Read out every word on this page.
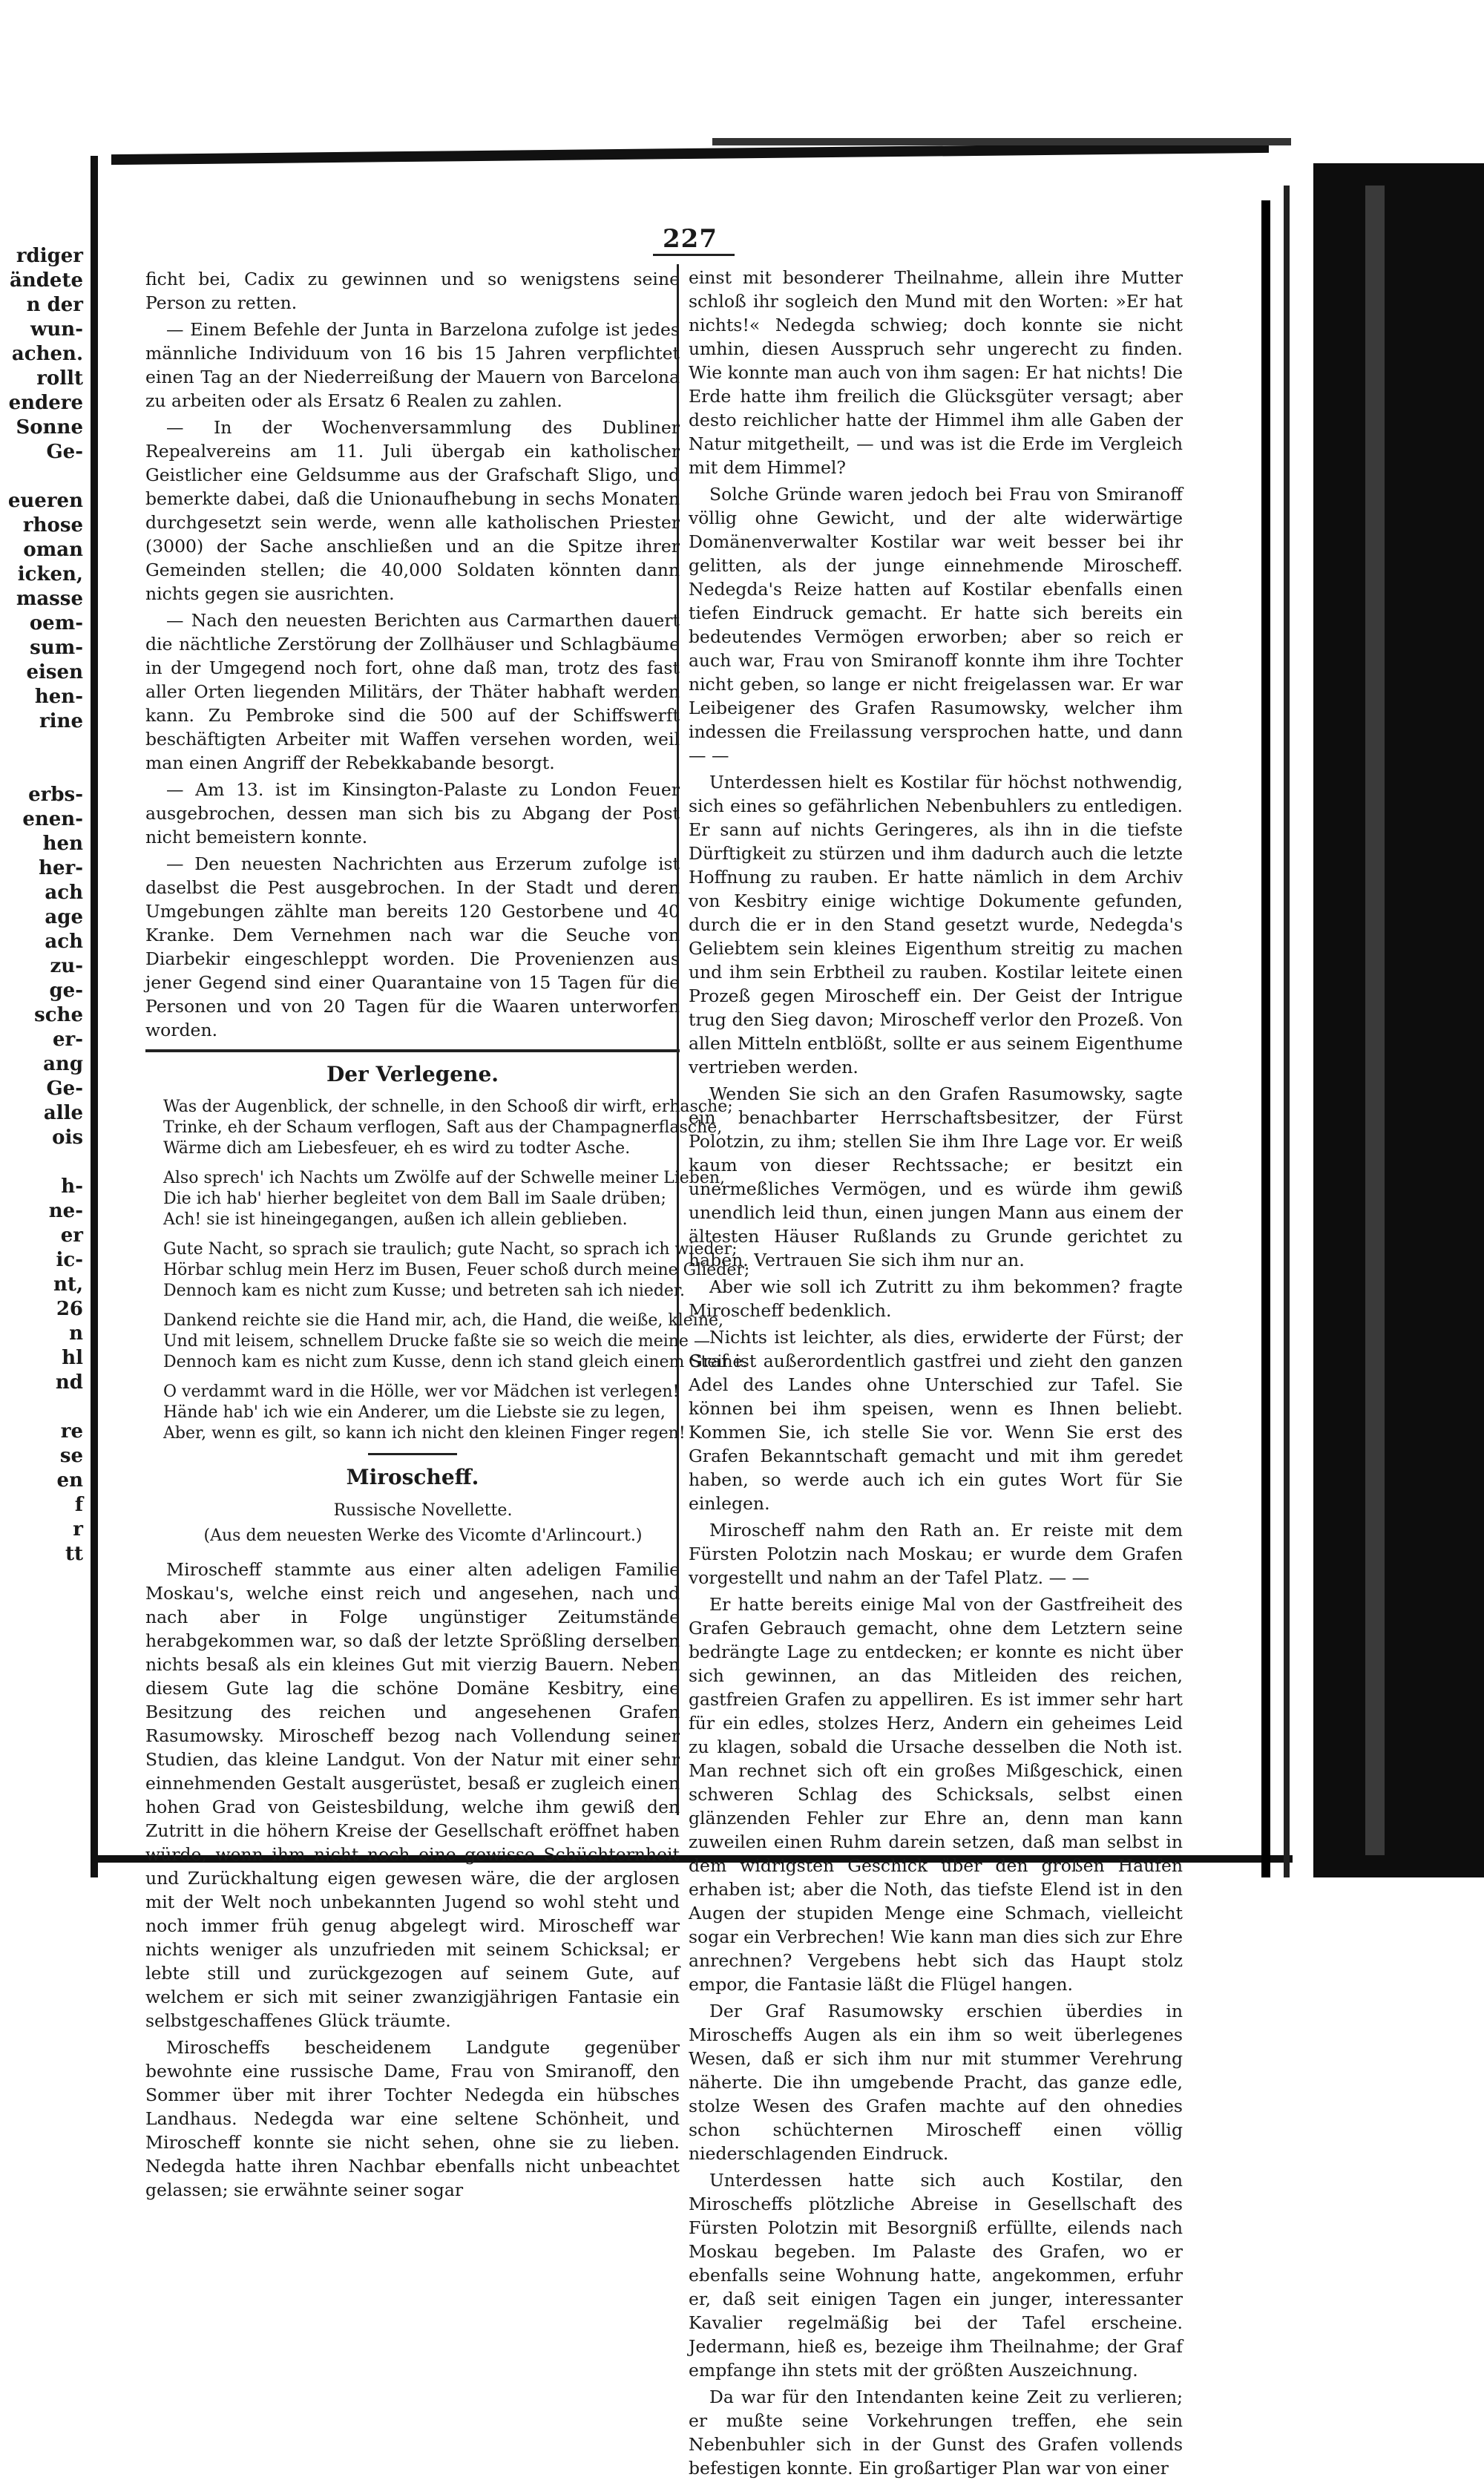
rdiger
ändete
n der
wun-
achen.
rollt
endere
Sonne
Ge-
eueren
rhose
oman
icken,
masse
oem-
sum-
eisen
hen-
rine
erbs-
enen-
hen
her-
ach
age
ach
zu-
ge-
sche
er-
ang
Ge-
alle
ois
h-
ne-
er
ic-
nt,
26
n
hl
nd
re
se
en
f
r
tt
227

ficht bei, Cadix zu gewinnen und so wenigstens seine Person zu retten.

— Einem Befehle der Junta in Barzelona zufolge ist jedes männliche Individuum von 16 bis 15 Jahren verpflichtet einen Tag an der Niederreißung der Mauern von Barcelona zu arbeiten oder als Ersatz 6 Realen zu zahlen.

— In der Wochenversammlung des Dubliner Repealvereins am 11. Juli übergab ein katholischer Geistlicher eine Geldsumme aus der Grafschaft Sligo, und bemerkte dabei, daß die Unionaufhebung in sechs Monaten durchgesetzt sein werde, wenn alle katholischen Priester (3000) der Sache anschließen und an die Spitze ihrer Gemeinden stellen; die 40,000 Soldaten könnten dann nichts gegen sie ausrichten.

— Nach den neuesten Berichten aus Carmarthen dauert die nächtliche Zerstörung der Zollhäuser und Schlagbäume in der Umgegend noch fort, ohne daß man, trotz des fast aller Orten liegenden Militärs, der Thäter habhaft werden kann. Zu Pembroke sind die 500 auf der Schiffswerft beschäftigten Arbeiter mit Waffen versehen worden, weil man einen Angriff der Rebekkabande besorgt.

— Am 13. ist im Kinsington-Palaste zu London Feuer ausgebrochen, dessen man sich bis zu Abgang der Post nicht bemeistern konnte.

— Den neuesten Nachrichten aus Erzerum zufolge ist daselbst die Pest ausgebrochen. In der Stadt und deren Umgebungen zählte man bereits 120 Gestorbene und 40 Kranke. Dem Vernehmen nach war die Seuche von Diarbekir eingeschleppt worden. Die Provenienzen aus jener Gegend sind einer Quarantaine von 15 Tagen für die Personen und von 20 Tagen für die Waaren unterworfen worden.

Der Verlegene.
Was der Augenblick, der schnelle, in den Schooß dir wirft, erhasche;
Trinke, eh der Schaum verflogen, Saft aus der Champagnerflasche,
Wärme dich am Liebesfeuer, eh es wird zu todter Asche.
Also sprech' ich Nachts um Zwölfe auf der Schwelle meiner Lieben,
Die ich hab' hierher begleitet von dem Ball im Saale drüben;
Ach! sie ist hineingegangen, außen ich allein geblieben.
Gute Nacht, so sprach sie traulich; gute Nacht, so sprach ich wieder;
Hörbar schlug mein Herz im Busen, Feuer schoß durch meine Glieder;
Dennoch kam es nicht zum Kusse; und betreten sah ich nieder.
Dankend reichte sie die Hand mir, ach, die Hand, die weiße, kleine,
Und mit leisem, schnellem Drucke faßte sie so weich die meine —
Dennoch kam es nicht zum Kusse, denn ich stand gleich einem Steine.
O verdammt ward in die Hölle, wer vor Mädchen ist verlegen!
Hände hab' ich wie ein Anderer, um die Liebste sie zu legen,
Aber, wenn es gilt, so kann ich nicht den kleinen Finger regen!
Miroscheff.

Russische Novellette.

(Aus dem neuesten Werke des Vicomte d'Arlincourt.)

Miroscheff stammte aus einer alten adeligen Familie Moskau's, welche einst reich und angesehen, nach und nach aber in Folge ungünstiger Zeitumstände herabgekommen war, so daß der letzte Sprößling derselben nichts besaß als ein kleines Gut mit vierzig Bauern. Neben diesem Gute lag die schöne Domäne Kesbitry, eine Besitzung des reichen und angesehenen Grafen Rasumowsky. Miroscheff bezog nach Vollendung seiner Studien, das kleine Landgut. Von der Natur mit einer sehr einnehmenden Gestalt ausgerüstet, besaß er zugleich einen hohen Grad von Geistesbildung, welche ihm gewiß den Zutritt in die höhern Kreise der Gesellschaft eröffnet haben würde, wenn ihm nicht noch eine gewisse Schüchternheit und Zurückhaltung eigen gewesen wäre, die der arglosen mit der Welt noch unbekannten Jugend so wohl steht und noch immer früh genug abgelegt wird. Miroscheff war nichts weniger als unzufrieden mit seinem Schicksal; er lebte still und zurückgezogen auf seinem Gute, auf welchem er sich mit seiner zwanzigjährigen Fantasie ein selbstgeschaffenes Glück träumte.

Miroscheffs bescheidenem Landgute gegenüber bewohnte eine russische Dame, Frau von Smiranoff, den Sommer über mit ihrer Tochter Nedegda ein hübsches Landhaus. Nedegda war eine seltene Schönheit, und Miroscheff konnte sie nicht sehen, ohne sie zu lieben. Nedegda hatte ihren Nachbar ebenfalls nicht unbeachtet gelassen; sie erwähnte seiner sogar

einst mit besonderer Theilnahme, allein ihre Mutter schloß ihr sogleich den Mund mit den Worten: »Er hat nichts!« Nedegda schwieg; doch konnte sie nicht umhin, diesen Ausspruch sehr ungerecht zu finden. Wie konnte man auch von ihm sagen: Er hat nichts! Die Erde hatte ihm freilich die Glücksgüter versagt; aber desto reichlicher hatte der Himmel ihm alle Gaben der Natur mitgetheilt, — und was ist die Erde im Vergleich mit dem Himmel?

Solche Gründe waren jedoch bei Frau von Smiranoff völlig ohne Gewicht, und der alte widerwärtige Domänenverwalter Kostilar war weit besser bei ihr gelitten, als der junge einnehmende Miroscheff. Nedegda's Reize hatten auf Kostilar ebenfalls einen tiefen Eindruck gemacht. Er hatte sich bereits ein bedeutendes Vermögen erworben; aber so reich er auch war, Frau von Smiranoff konnte ihm ihre Tochter nicht geben, so lange er nicht freigelassen war. Er war Leibeigener des Grafen Rasumowsky, welcher ihm indessen die Freilassung versprochen hatte, und dann — —

Unterdessen hielt es Kostilar für höchst nothwendig, sich eines so gefährlichen Nebenbuhlers zu entledigen. Er sann auf nichts Geringeres, als ihn in die tiefste Dürftigkeit zu stürzen und ihm dadurch auch die letzte Hoffnung zu rauben. Er hatte nämlich in dem Archiv von Kesbitry einige wichtige Dokumente gefunden, durch die er in den Stand gesetzt wurde, Nedegda's Geliebtem sein kleines Eigenthum streitig zu machen und ihm sein Erbtheil zu rauben. Kostilar leitete einen Prozeß gegen Miroscheff ein. Der Geist der Intrigue trug den Sieg davon; Miroscheff verlor den Prozeß. Von allen Mitteln entblößt, sollte er aus seinem Eigenthume vertrieben werden.

Wenden Sie sich an den Grafen Rasumowsky, sagte ein benachbarter Herrschaftsbesitzer, der Fürst Polotzin, zu ihm; stellen Sie ihm Ihre Lage vor. Er weiß kaum von dieser Rechtssache; er besitzt ein unermeßliches Vermögen, und es würde ihm gewiß unendlich leid thun, einen jungen Mann aus einem der ältesten Häuser Rußlands zu Grunde gerichtet zu haben. Vertrauen Sie sich ihm nur an.

Aber wie soll ich Zutritt zu ihm bekommen? fragte Miroscheff bedenklich.

Nichts ist leichter, als dies, erwiderte der Fürst; der Graf ist außerordentlich gastfrei und zieht den ganzen Adel des Landes ohne Unterschied zur Tafel. Sie können bei ihm speisen, wenn es Ihnen beliebt. Kommen Sie, ich stelle Sie vor. Wenn Sie erst des Grafen Bekanntschaft gemacht und mit ihm geredet haben, so werde auch ich ein gutes Wort für Sie einlegen.

Miroscheff nahm den Rath an. Er reiste mit dem Fürsten Polotzin nach Moskau; er wurde dem Grafen vorgestellt und nahm an der Tafel Platz. — —

Er hatte bereits einige Mal von der Gastfreiheit des Grafen Gebrauch gemacht, ohne dem Letztern seine bedrängte Lage zu entdecken; er konnte es nicht über sich gewinnen, an das Mitleiden des reichen, gastfreien Grafen zu appelliren. Es ist immer sehr hart für ein edles, stolzes Herz, Andern ein geheimes Leid zu klagen, sobald die Ursache desselben die Noth ist. Man rechnet sich oft ein großes Mißgeschick, einen schweren Schlag des Schicksals, selbst einen glänzenden Fehler zur Ehre an, denn man kann zuweilen einen Ruhm darein setzen, daß man selbst in dem widrigsten Geschick über den großen Haufen erhaben ist; aber die Noth, das tiefste Elend ist in den Augen der stupiden Menge eine Schmach, vielleicht sogar ein Verbrechen! Wie kann man dies sich zur Ehre anrechnen? Vergebens hebt sich das Haupt stolz empor, die Fantasie läßt die Flügel hangen.

Der Graf Rasumowsky erschien überdies in Miroscheffs Augen als ein ihm so weit überlegenes Wesen, daß er sich ihm nur mit stummer Verehrung näherte. Die ihn umgebende Pracht, das ganze edle, stolze Wesen des Grafen machte auf den ohnedies schon schüchternen Miroscheff einen völlig niederschlagenden Eindruck.

Unterdessen hatte sich auch Kostilar, den Miroscheffs plötzliche Abreise in Gesellschaft des Fürsten Polotzin mit Besorgniß erfüllte, eilends nach Moskau begeben. Im Palaste des Grafen, wo er ebenfalls seine Wohnung hatte, angekommen, erfuhr er, daß seit einigen Tagen ein junger, interessanter Kavalier regelmäßig bei der Tafel erscheine. Jedermann, hieß es, bezeige ihm Theilnahme; der Graf empfange ihn stets mit der größten Auszeichnung.

Da war für den Intendanten keine Zeit zu verlieren; er mußte seine Vorkehrungen treffen, ehe sein Nebenbuhler sich in der Gunst des Grafen vollends befestigen konnte. Ein großartiger Plan war von einer
